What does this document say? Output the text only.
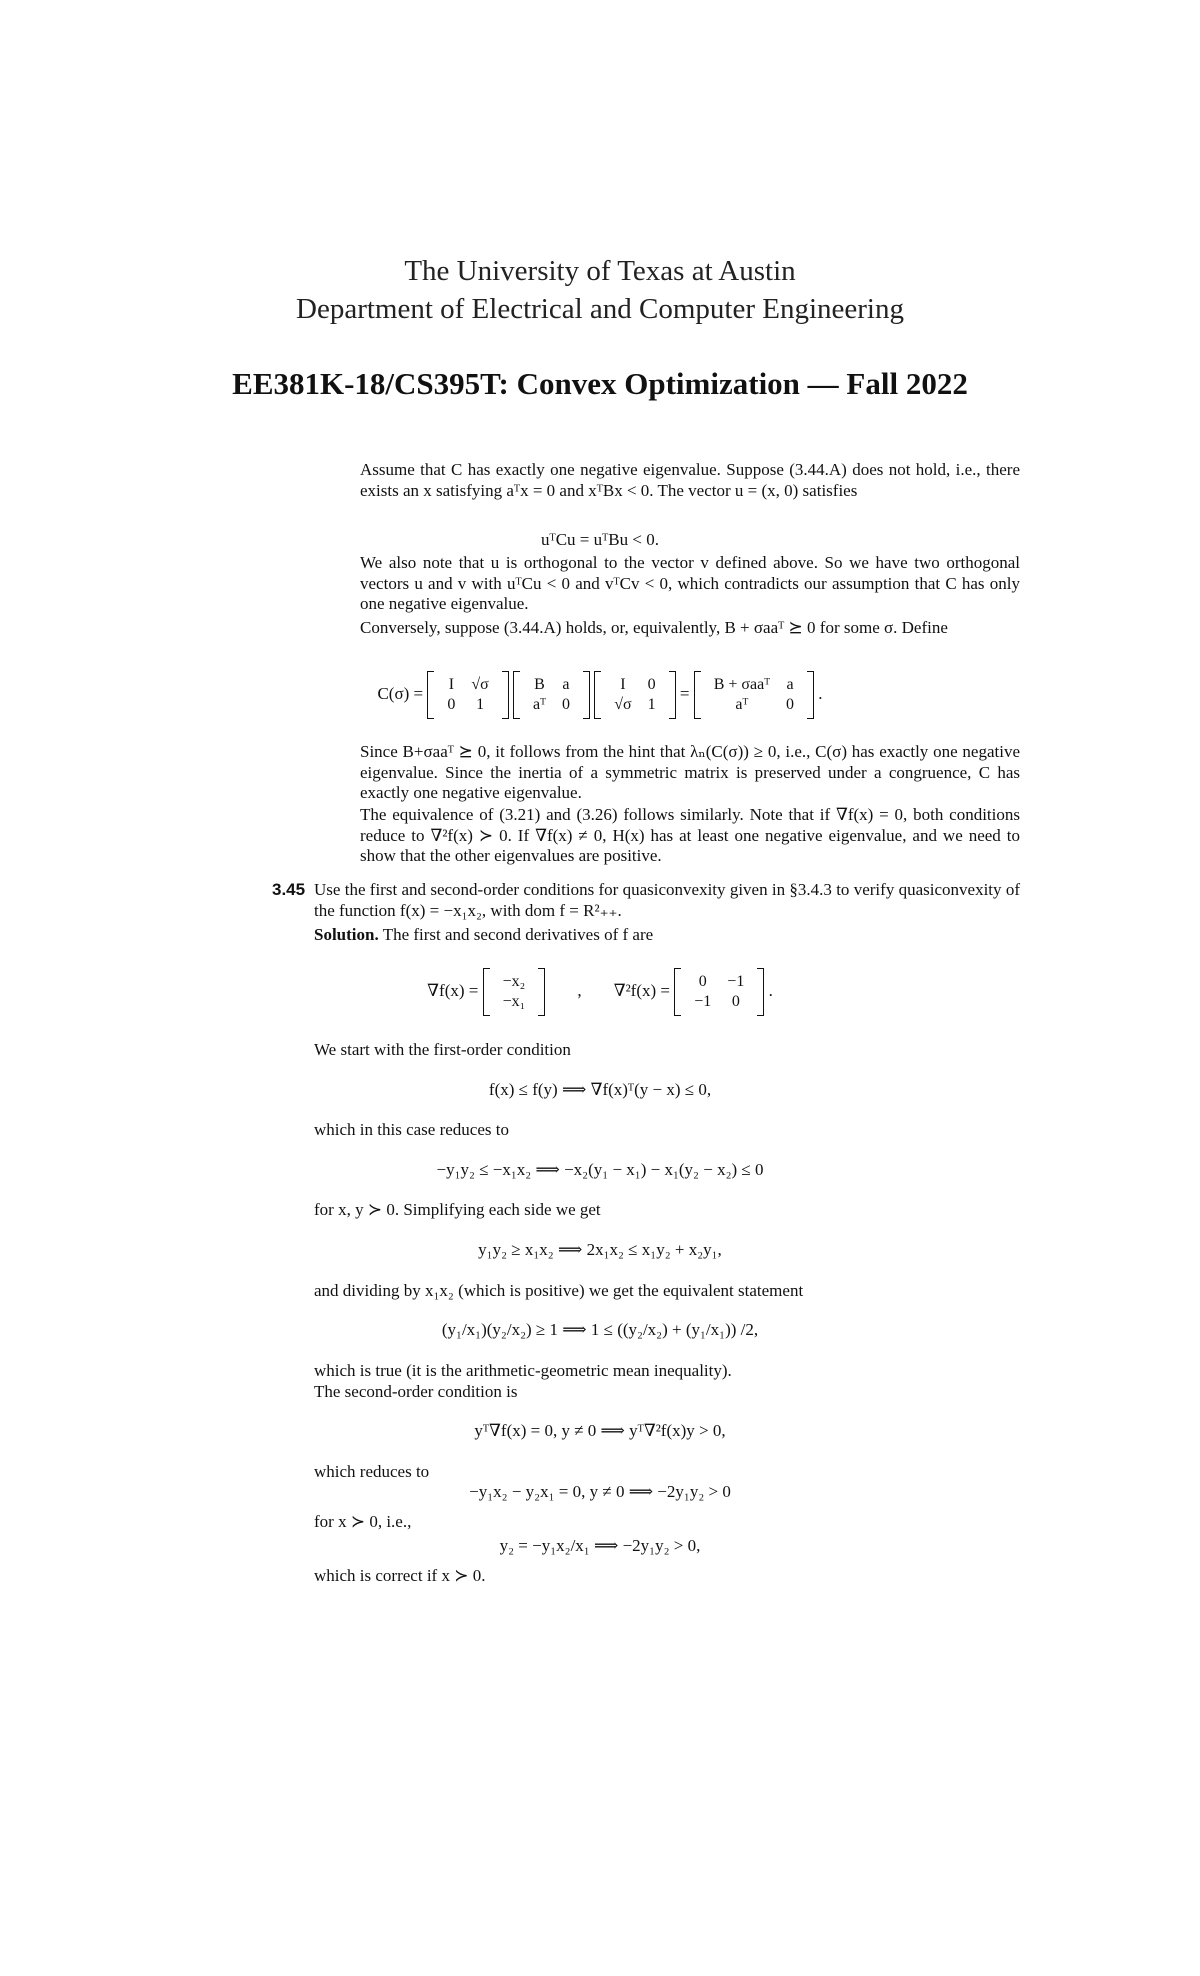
The University of Texas at Austin
Department of Electrical and Computer Engineering
EE381K-18/CS395T: Convex Optimization — Fall 2022
Assume that C has exactly one negative eigenvalue. Suppose (3.44.A) does not hold, i.e., there exists an x satisfying aᵀx = 0 and xᵀBx < 0. The vector u = (x, 0) satisfies
uᵀCu = uᵀBu < 0.
We also note that u is orthogonal to the vector v defined above. So we have two orthogonal vectors u and v with uᵀCu < 0 and vᵀCv < 0, which contradicts our assumption that C has only one negative eigenvalue.
Conversely, suppose (3.44.A) holds, or, equivalently, B + σaaᵀ ⪰ 0 for some σ. Define
C(σ) = I	√σ
0	1

B	a
aᵀ	0

I	0
√σ	1
= B + σaaᵀ	a
aᵀ	0
.
Since B+σaaᵀ ⪰ 0, it follows from the hint that λₙ(C(σ)) ≥ 0, i.e., C(σ) has exactly one negative eigenvalue. Since the inertia of a symmetric matrix is preserved under a congruence, C has exactly one negative eigenvalue.
The equivalence of (3.21) and (3.26) follows similarly. Note that if ∇f(x) = 0, both conditions reduce to ∇²f(x) ≻ 0. If ∇f(x) ≠ 0, H(x) has at least one negative eigenvalue, and we need to show that the other eigenvalues are positive.
3.45 Use the first and second-order conditions for quasiconvexity given in §3.4.3 to verify quasiconvexity of the function f(x) = −x₁x₂, with dom f = R²₊₊.
Solution. The first and second derivatives of f are
∇f(x) = −x₂
−x₁
, ∇²f(x) = 0	−1
−1	0
.
We start with the first-order condition
f(x) ≤ f(y) ⟹ ∇f(x)ᵀ(y − x) ≤ 0,
which in this case reduces to
−y₁y₂ ≤ −x₁x₂ ⟹ −x₂(y₁ − x₁) − x₁(y₂ − x₂) ≤ 0
for x, y ≻ 0. Simplifying each side we get
y₁y₂ ≥ x₁x₂ ⟹ 2x₁x₂ ≤ x₁y₂ + x₂y₁,
and dividing by x₁x₂ (which is positive) we get the equivalent statement
(y₁/x₁)(y₂/x₂) ≥ 1 ⟹ 1 ≤ ((y₂/x₂) + (y₁/x₁)) /2,
which is true (it is the arithmetic-geometric mean inequality).
The second-order condition is
yᵀ∇f(x) = 0, y ≠ 0 ⟹ yᵀ∇²f(x)y > 0,
which reduces to
−y₁x₂ − y₂x₁ = 0, y ≠ 0 ⟹ −2y₁y₂ > 0
for x ≻ 0, i.e.,
y₂ = −y₁x₂/x₁ ⟹ −2y₁y₂ > 0,
which is correct if x ≻ 0.
